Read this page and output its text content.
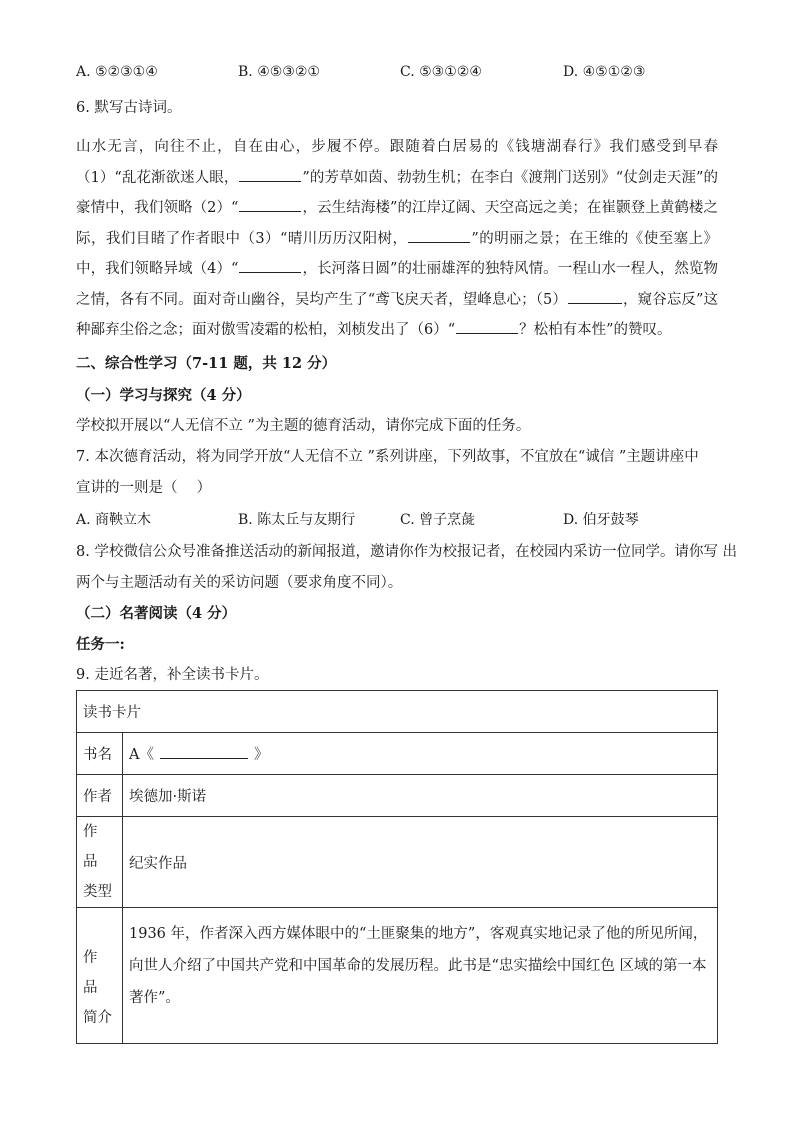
A. ⑤②③①④	B. ④⑤③②①	C. ⑤③①②④	D. ④⑤①②③
6. 默写古诗词。
山水无言，向往不止，自在由心，步履不停。跟随着白居易的《钱塘湖春行》我们感受到早春（1）“乱花渐欲迷人眼，	”的芳草如茵、勃勃生机；在李白《渡荆门送别》“仗剑走天涯”的豪情中，我们领略（2）“	，云生结海楼”的江岸辽阔、天空高远之美；在崔颢登上黄鹤楼之际，我们目睹了作者眼中（3）“晴川历历汉阳树，	”的明丽之景；在王维的《使至塞上》中，我们领略异域（4）“	，长河落日圆”的壮丽雄浑的独特风情。一程山水一程人，然览物之情，各有不同。面对奇山幽谷，吴均产生了“鸢飞戾天者，望峰息心；（5）	，窥谷忘反”这种鄙弃尘俗之念；面对傲雪凌霜的松柏，刘桢发出了（6）“	？松柏有本性”的赞叹。
二、综合性学习（7-11 题，共 12 分）
（一）学习与探究（4 分）
学校拟开展以“人无信不立 ”为主题的德育活动，请你完成下面的任务。
7. 本次德育活动，将为同学开放“人无信不立 ”系列讲座，下列故事，不宜放在“诚信 ”主题讲座中
宣讲的一则是（　 ）
A. 商鞅立木	B. 陈太丘与友期行	C. 曾子烹彘	D. 伯牙鼓琴
8. 学校微信公众号准备推送活动的新闻报道，邀请你作为校报记者，在校园内采访一位同学。请你写 出
两个与主题活动有关的采访问题（要求角度不同）。
（二）名著阅读（4 分）
任务一:
9. 走近名著，补全读书卡片。
读书卡片	
书名	A《 》
作者	埃德加·斯诺
作 品
类型	纪实作品
作 品
简介	1936 年，作者深入西方媒体眼中的“土匪聚集的地方”，客观真实地记录了他的所见所闻，向世人介绍了中国共产党和中国革命的发展历程。此书是“忠实描绘中国红色 区域的第一本著作”。
